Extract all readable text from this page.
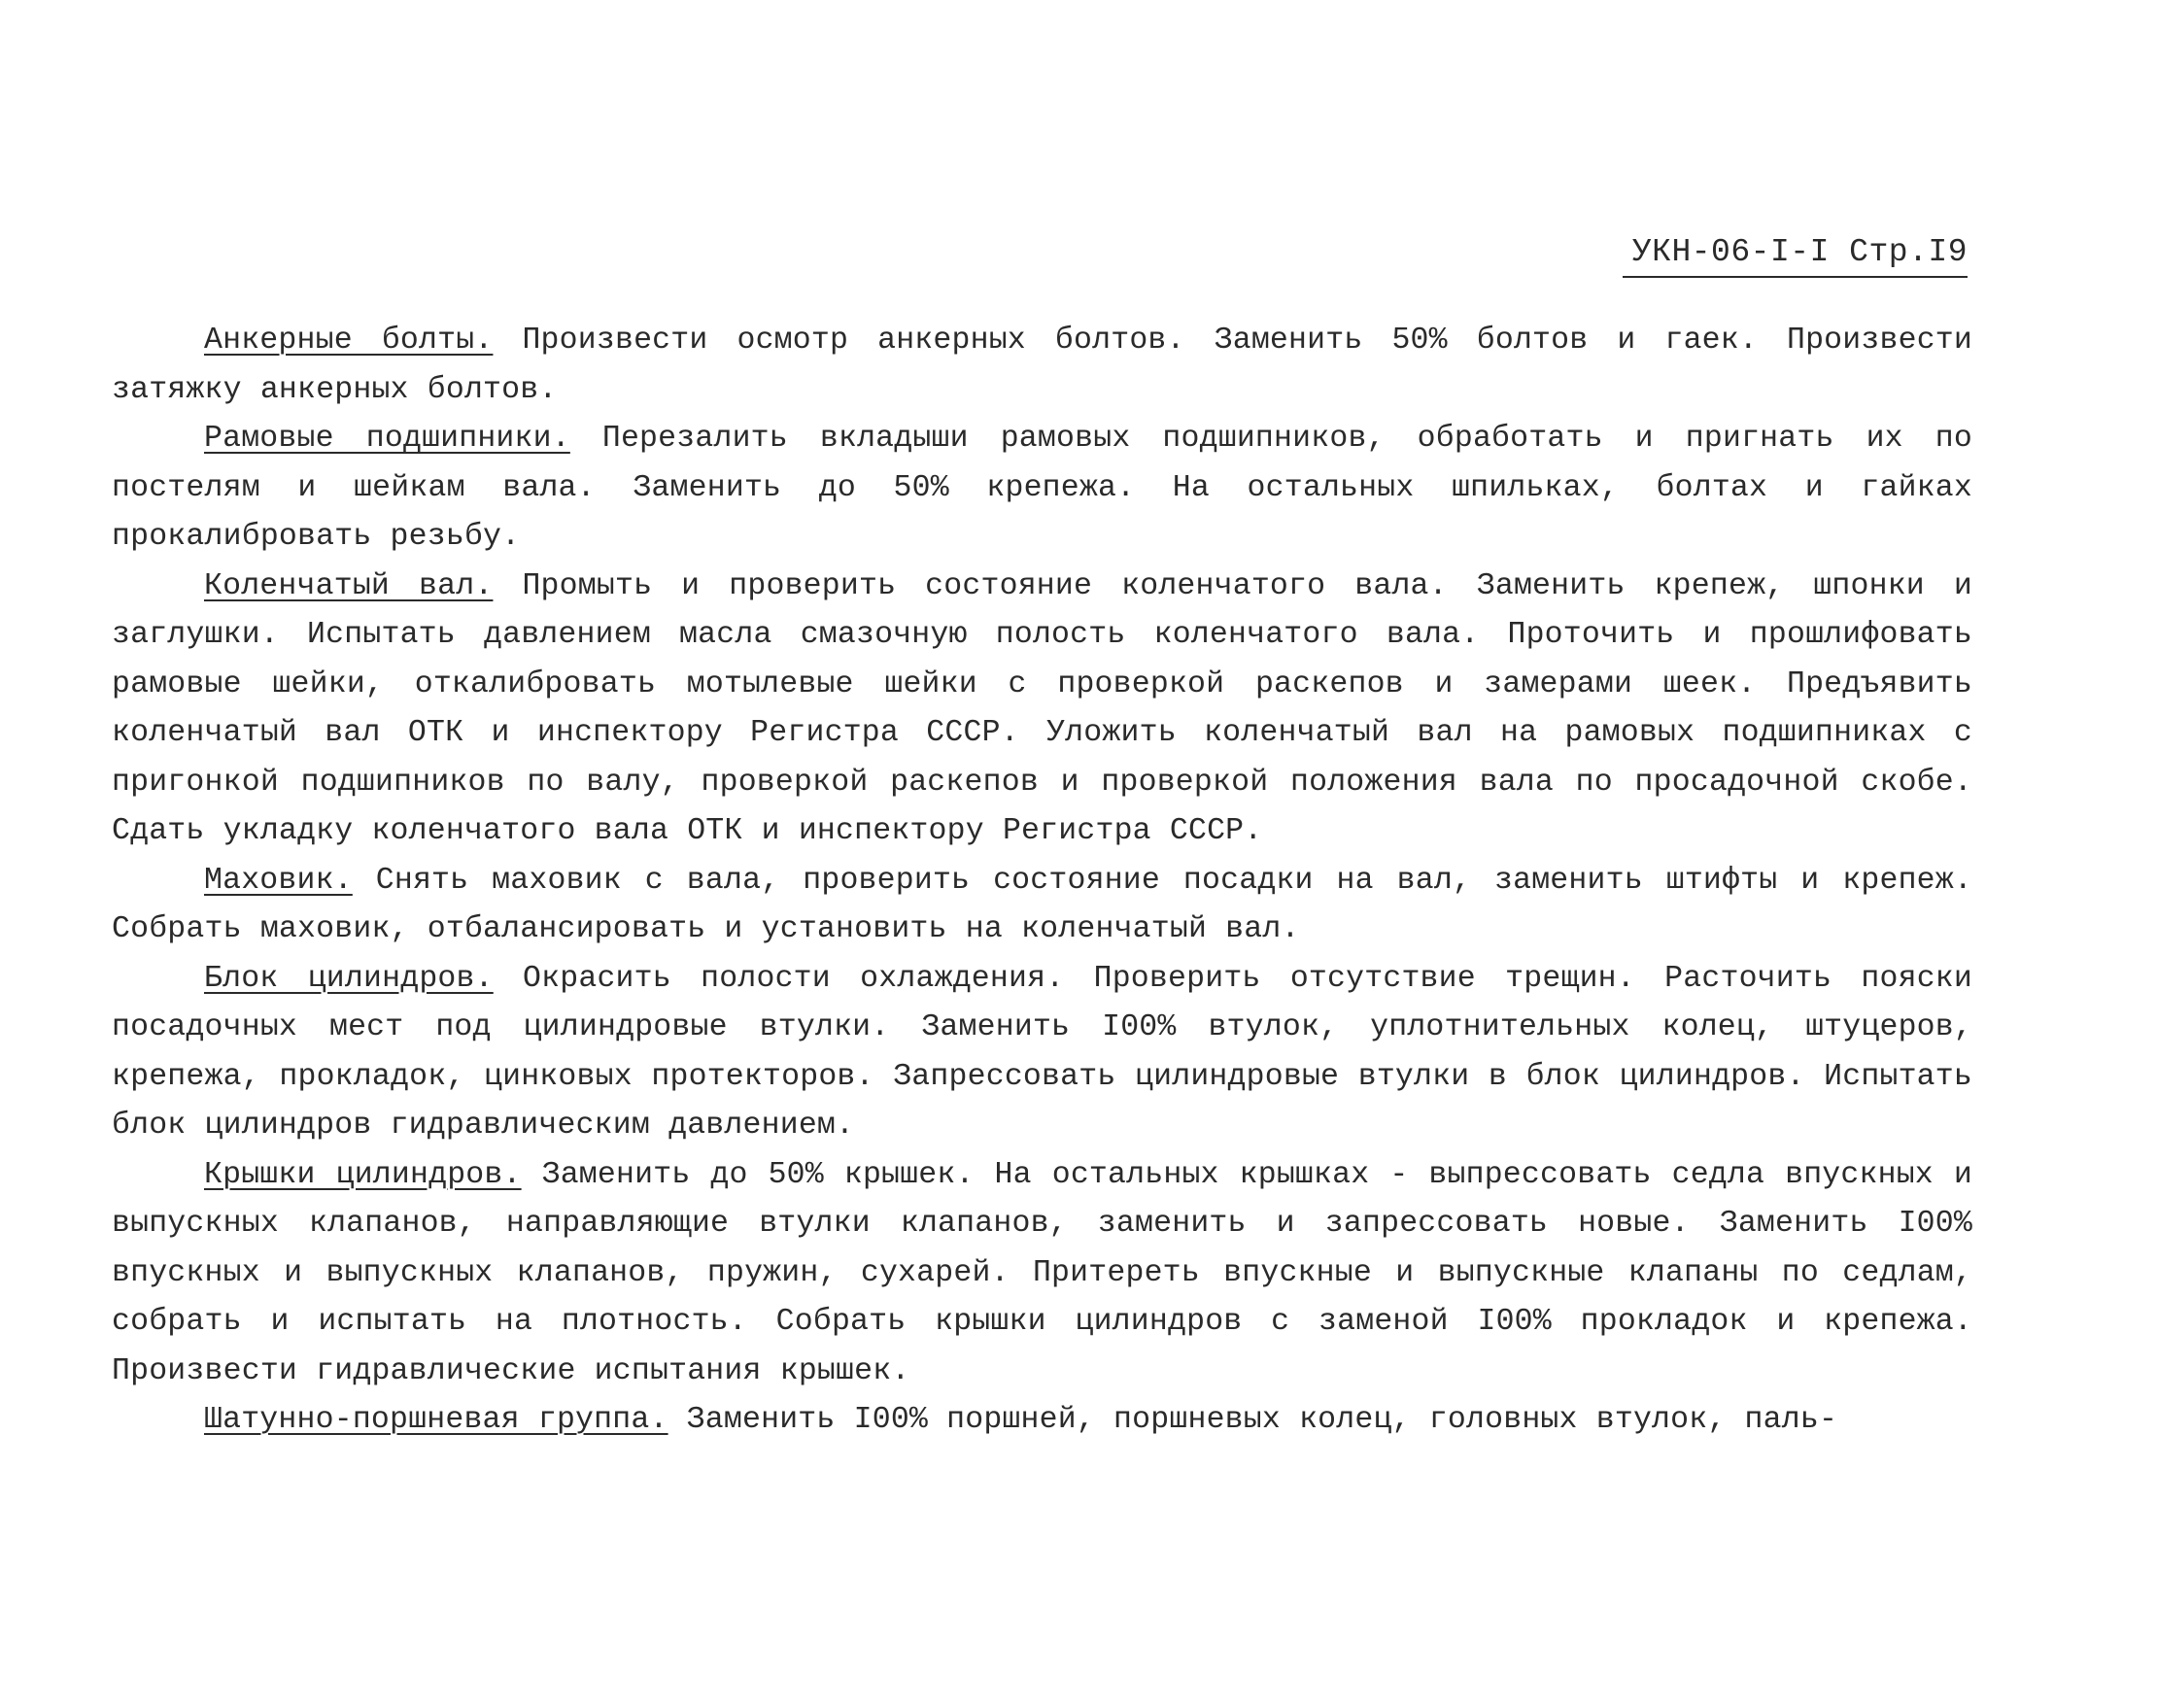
УКН-06-I-I Стр.I9

Анкерные болты. Произвести осмотр анкерных болтов. Заменить 50% болтов и гаек. Произвести затяжку анкерных болтов.

Рамовые подшипники. Перезалить вкладыши рамовых подшипников, обработать и пригнать их по постелям и шейкам вала. Заменить до 50% крепежа. На остальных шпильках, болтах и гайках прокалибровать резьбу.

Коленчатый вал. Промыть и проверить состояние коленчатого вала. Заменить крепеж, шпонки и заглушки. Испытать давлением масла смазочную полость коленчатого вала. Проточить и прошлифовать рамовые шейки, откалибровать мотылевые шейки с проверкой раскепов и замерами шеек. Предъявить коленчатый вал ОТК и инспектору Регистра СССР. Уложить коленчатый вал на рамовых подшипниках с пригонкой подшипников по валу, проверкой раскепов и проверкой положения вала по просадочной скобе. Сдать укладку коленчатого вала ОТК и инспектору Регистра СССР.

Маховик. Снять маховик с вала, проверить состояние посадки на вал, заменить штифты и крепеж. Собрать маховик, отбалансировать и установить на коленчатый вал.

Блок цилиндров. Окрасить полости охлаждения. Проверить отсутствие трещин. Расточить пояски посадочных мест под цилиндровые втулки. Заменить I00% втулок, уплотнительных колец, штуцеров, крепежа, прокладок, цинковых протекторов. Запрессовать цилиндровые втулки в блок цилиндров. Испытать блок цилиндров гидравлическим давлением.

Крышки цилиндров. Заменить до 50% крышек. На остальных крышках - выпрессовать седла впускных и выпускных клапанов, направляющие втулки клапанов, заменить и запрессовать новые. Заменить I00% впускных и выпускных клапанов, пружин, сухарей. Притереть впускные и выпускные клапаны по седлам, собрать и испытать на плотность. Собрать крышки цилиндров с заменой I00% прокладок и крепежа. Произвести гидравлические испытания крышек.

Шатунно-поршневая группа. Заменить I00% поршней, поршневых колец, головных втулок, паль-
